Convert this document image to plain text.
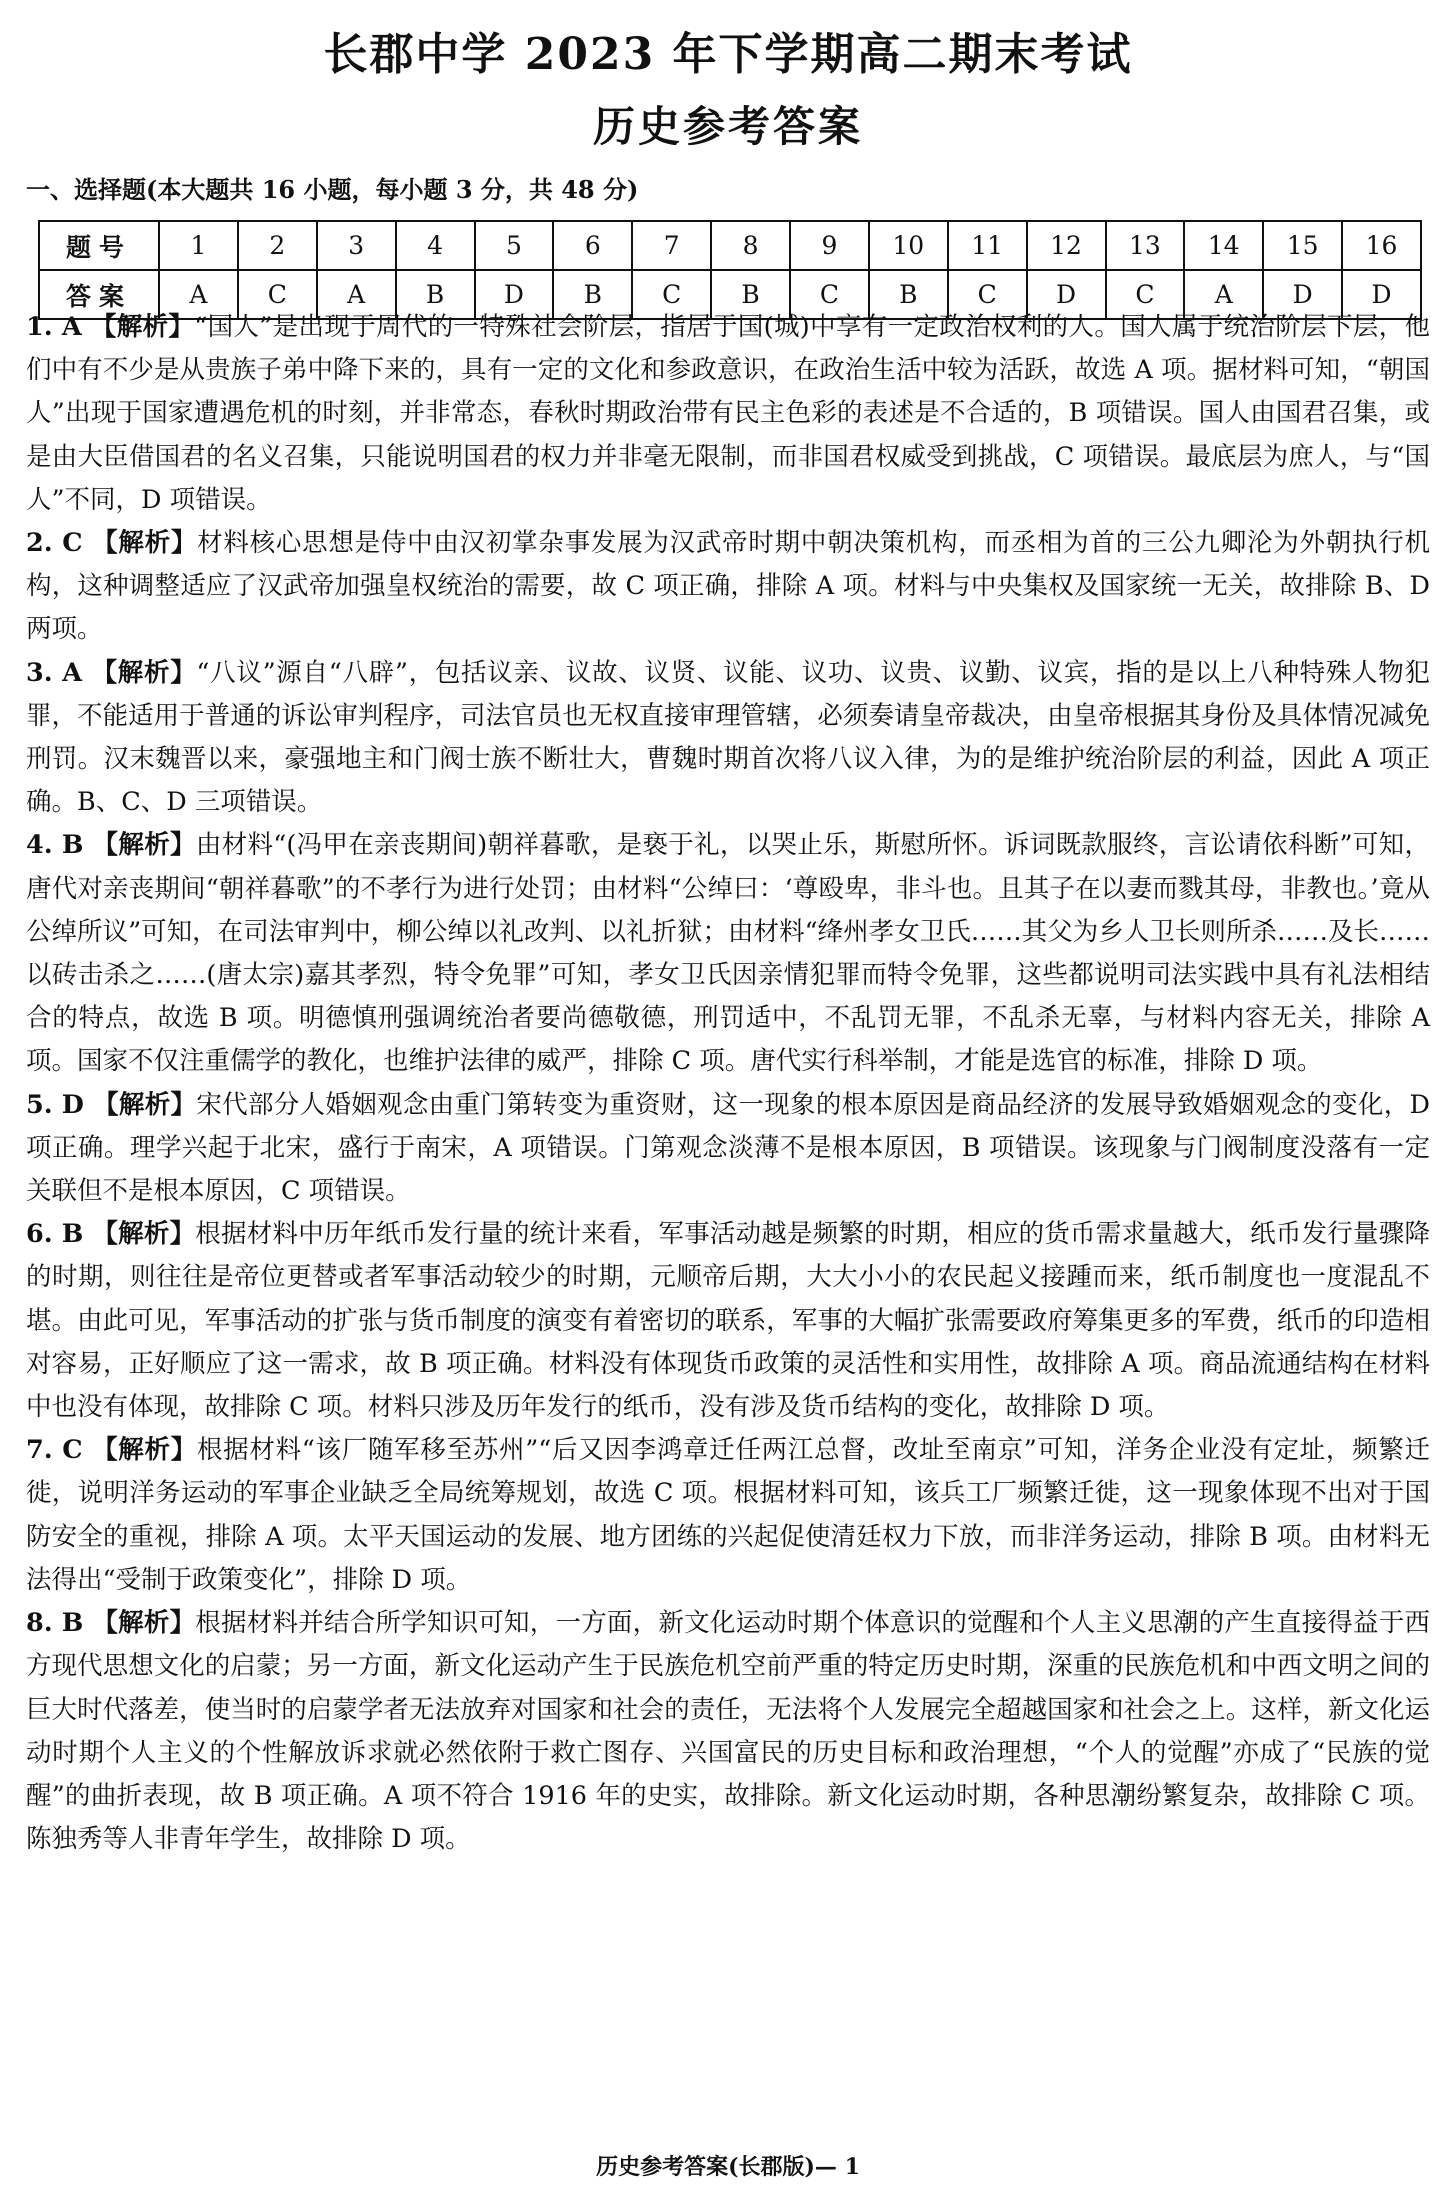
长郡中学 2023 年下学期高二期末考试
历史参考答案
一、选择题(本大题共 16 小题，每小题 3 分，共 48 分)
题号	1	2	3	4	5	6	7	8	9	10	11	12	13	14	15	16
答案	A	C	A	B	D	B	C	B	C	B	C	D	C	A	D	D

1. A 【解析】“国人”是出现于周代的一特殊社会阶层，指居于国(城)中享有一定政治权利的人。国人属于统治阶层下层，他们中有不少是从贵族子弟中降下来的，具有一定的文化和参政意识，在政治生活中较为活跃，故选 A 项。据材料可知，“朝国人”出现于国家遭遇危机的时刻，并非常态，春秋时期政治带有民主色彩的表述是不合适的，B 项错误。国人由国君召集，或是由大臣借国君的名义召集，只能说明国君的权力并非毫无限制，而非国君权威受到挑战，C 项错误。最底层为庶人，与“国人”不同，D 项错误。

2. C 【解析】材料核心思想是侍中由汉初掌杂事发展为汉武帝时期中朝决策机构，而丞相为首的三公九卿沦为外朝执行机构，这种调整适应了汉武帝加强皇权统治的需要，故 C 项正确，排除 A 项。材料与中央集权及国家统一无关，故排除 B、D 两项。

3. A 【解析】“八议”源自“八辟”，包括议亲、议故、议贤、议能、议功、议贵、议勤、议宾，指的是以上八种特殊人物犯罪，不能适用于普通的诉讼审判程序，司法官员也无权直接审理管辖，必须奏请皇帝裁决，由皇帝根据其身份及具体情况减免刑罚。汉末魏晋以来，豪强地主和门阀士族不断壮大，曹魏时期首次将八议入律，为的是维护统治阶层的利益，因此 A 项正确。B、C、D 三项错误。

4. B 【解析】由材料“(冯甲在亲丧期间)朝祥暮歌，是亵于礼，以哭止乐，斯慰所怀。诉词既款服终，言讼请依科断”可知，唐代对亲丧期间“朝祥暮歌”的不孝行为进行处罚；由材料“公绰曰：‘尊殴卑，非斗也。且其子在以妻而戮其母，非教也。’竟从公绰所议”可知，在司法审判中，柳公绰以礼改判、以礼折狱；由材料“绛州孝女卫氏……其父为乡人卫长则所杀……及长……以砖击杀之……(唐太宗)嘉其孝烈，特令免罪”可知，孝女卫氏因亲情犯罪而特令免罪，这些都说明司法实践中具有礼法相结合的特点，故选 B 项。明德慎刑强调统治者要尚德敬德，刑罚适中，不乱罚无罪，不乱杀无辜，与材料内容无关，排除 A 项。国家不仅注重儒学的教化，也维护法律的威严，排除 C 项。唐代实行科举制，才能是选官的标准，排除 D 项。

5. D 【解析】宋代部分人婚姻观念由重门第转变为重资财，这一现象的根本原因是商品经济的发展导致婚姻观念的变化，D 项正确。理学兴起于北宋，盛行于南宋，A 项错误。门第观念淡薄不是根本原因，B 项错误。该现象与门阀制度没落有一定关联但不是根本原因，C 项错误。

6. B 【解析】根据材料中历年纸币发行量的统计来看，军事活动越是频繁的时期，相应的货币需求量越大，纸币发行量骤降的时期，则往往是帝位更替或者军事活动较少的时期，元顺帝后期，大大小小的农民起义接踵而来，纸币制度也一度混乱不堪。由此可见，军事活动的扩张与货币制度的演变有着密切的联系，军事的大幅扩张需要政府筹集更多的军费，纸币的印造相对容易，正好顺应了这一需求，故 B 项正确。材料没有体现货币政策的灵活性和实用性，故排除 A 项。商品流通结构在材料中也没有体现，故排除 C 项。材料只涉及历年发行的纸币，没有涉及货币结构的变化，故排除 D 项。

7. C 【解析】根据材料“该厂随军移至苏州”“后又因李鸿章迁任两江总督，改址至南京”可知，洋务企业没有定址，频繁迁徙，说明洋务运动的军事企业缺乏全局统筹规划，故选 C 项。根据材料可知，该兵工厂频繁迁徙，这一现象体现不出对于国防安全的重视，排除 A 项。太平天国运动的发展、地方团练的兴起促使清廷权力下放，而非洋务运动，排除 B 项。由材料无法得出“受制于政策变化”，排除 D 项。

8. B 【解析】根据材料并结合所学知识可知，一方面，新文化运动时期个体意识的觉醒和个人主义思潮的产生直接得益于西方现代思想文化的启蒙；另一方面，新文化运动产生于民族危机空前严重的特定历史时期，深重的民族危机和中西文明之间的巨大时代落差，使当时的启蒙学者无法放弃对国家和社会的责任，无法将个人发展完全超越国家和社会之上。这样，新文化运动时期个人主义的个性解放诉求就必然依附于救亡图存、兴国富民的历史目标和政治理想，“个人的觉醒”亦成了“民族的觉醒”的曲折表现，故 B 项正确。A 项不符合 1916 年的史实，故排除。新文化运动时期，各种思潮纷繁复杂，故排除 C 项。陈独秀等人非青年学生，故排除 D 项。

历史参考答案(长郡版)— 1
